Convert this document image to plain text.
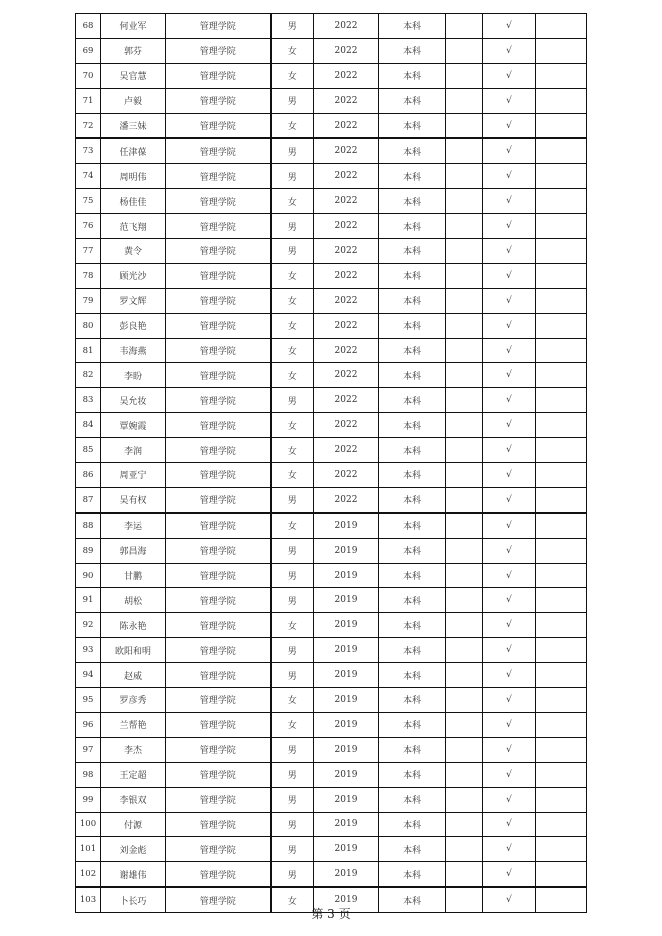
68	何业军	管理学院	男	2022	本科		√	
69	郭芬	管理学院	女	2022	本科		√	
70	吴官慧	管理学院	女	2022	本科		√	
71	卢毅	管理学院	男	2022	本科		√	
72	潘三妹	管理学院	女	2022	本科		√	
73	任津葆	管理学院	男	2022	本科		√	
74	周明伟	管理学院	男	2022	本科		√	
75	杨佳佳	管理学院	女	2022	本科		√	
76	范飞翔	管理学院	男	2022	本科		√	
77	黄令	管理学院	男	2022	本科		√	
78	顾光沙	管理学院	女	2022	本科		√	
79	罗文辉	管理学院	女	2022	本科		√	
80	彭良艳	管理学院	女	2022	本科		√	
81	韦海燕	管理学院	女	2022	本科		√	
82	李盼	管理学院	女	2022	本科		√	
83	吴允妆	管理学院	男	2022	本科		√	
84	覃婉霞	管理学院	女	2022	本科		√	
85	李润	管理学院	女	2022	本科		√	
86	周亚宁	管理学院	女	2022	本科		√	
87	吴有权	管理学院	男	2022	本科		√	
88	李运	管理学院	女	2019	本科		√	
89	郭昌海	管理学院	男	2019	本科		√	
90	甘鹏	管理学院	男	2019	本科		√	
91	胡松	管理学院	男	2019	本科		√	
92	陈永艳	管理学院	女	2019	本科		√	
93	欧阳和明	管理学院	男	2019	本科		√	
94	赵威	管理学院	男	2019	本科		√	
95	罗彦秀	管理学院	女	2019	本科		√	
96	兰帮艳	管理学院	女	2019	本科		√	
97	李杰	管理学院	男	2019	本科		√	
98	王定超	管理学院	男	2019	本科		√	
99	李银双	管理学院	男	2019	本科		√	
100	付源	管理学院	男	2019	本科		√	
101	刘金彪	管理学院	男	2019	本科		√	
102	谢雄伟	管理学院	男	2019	本科		√	
103	卜长巧	管理学院	女	2019	本科		√	
第 3 页
